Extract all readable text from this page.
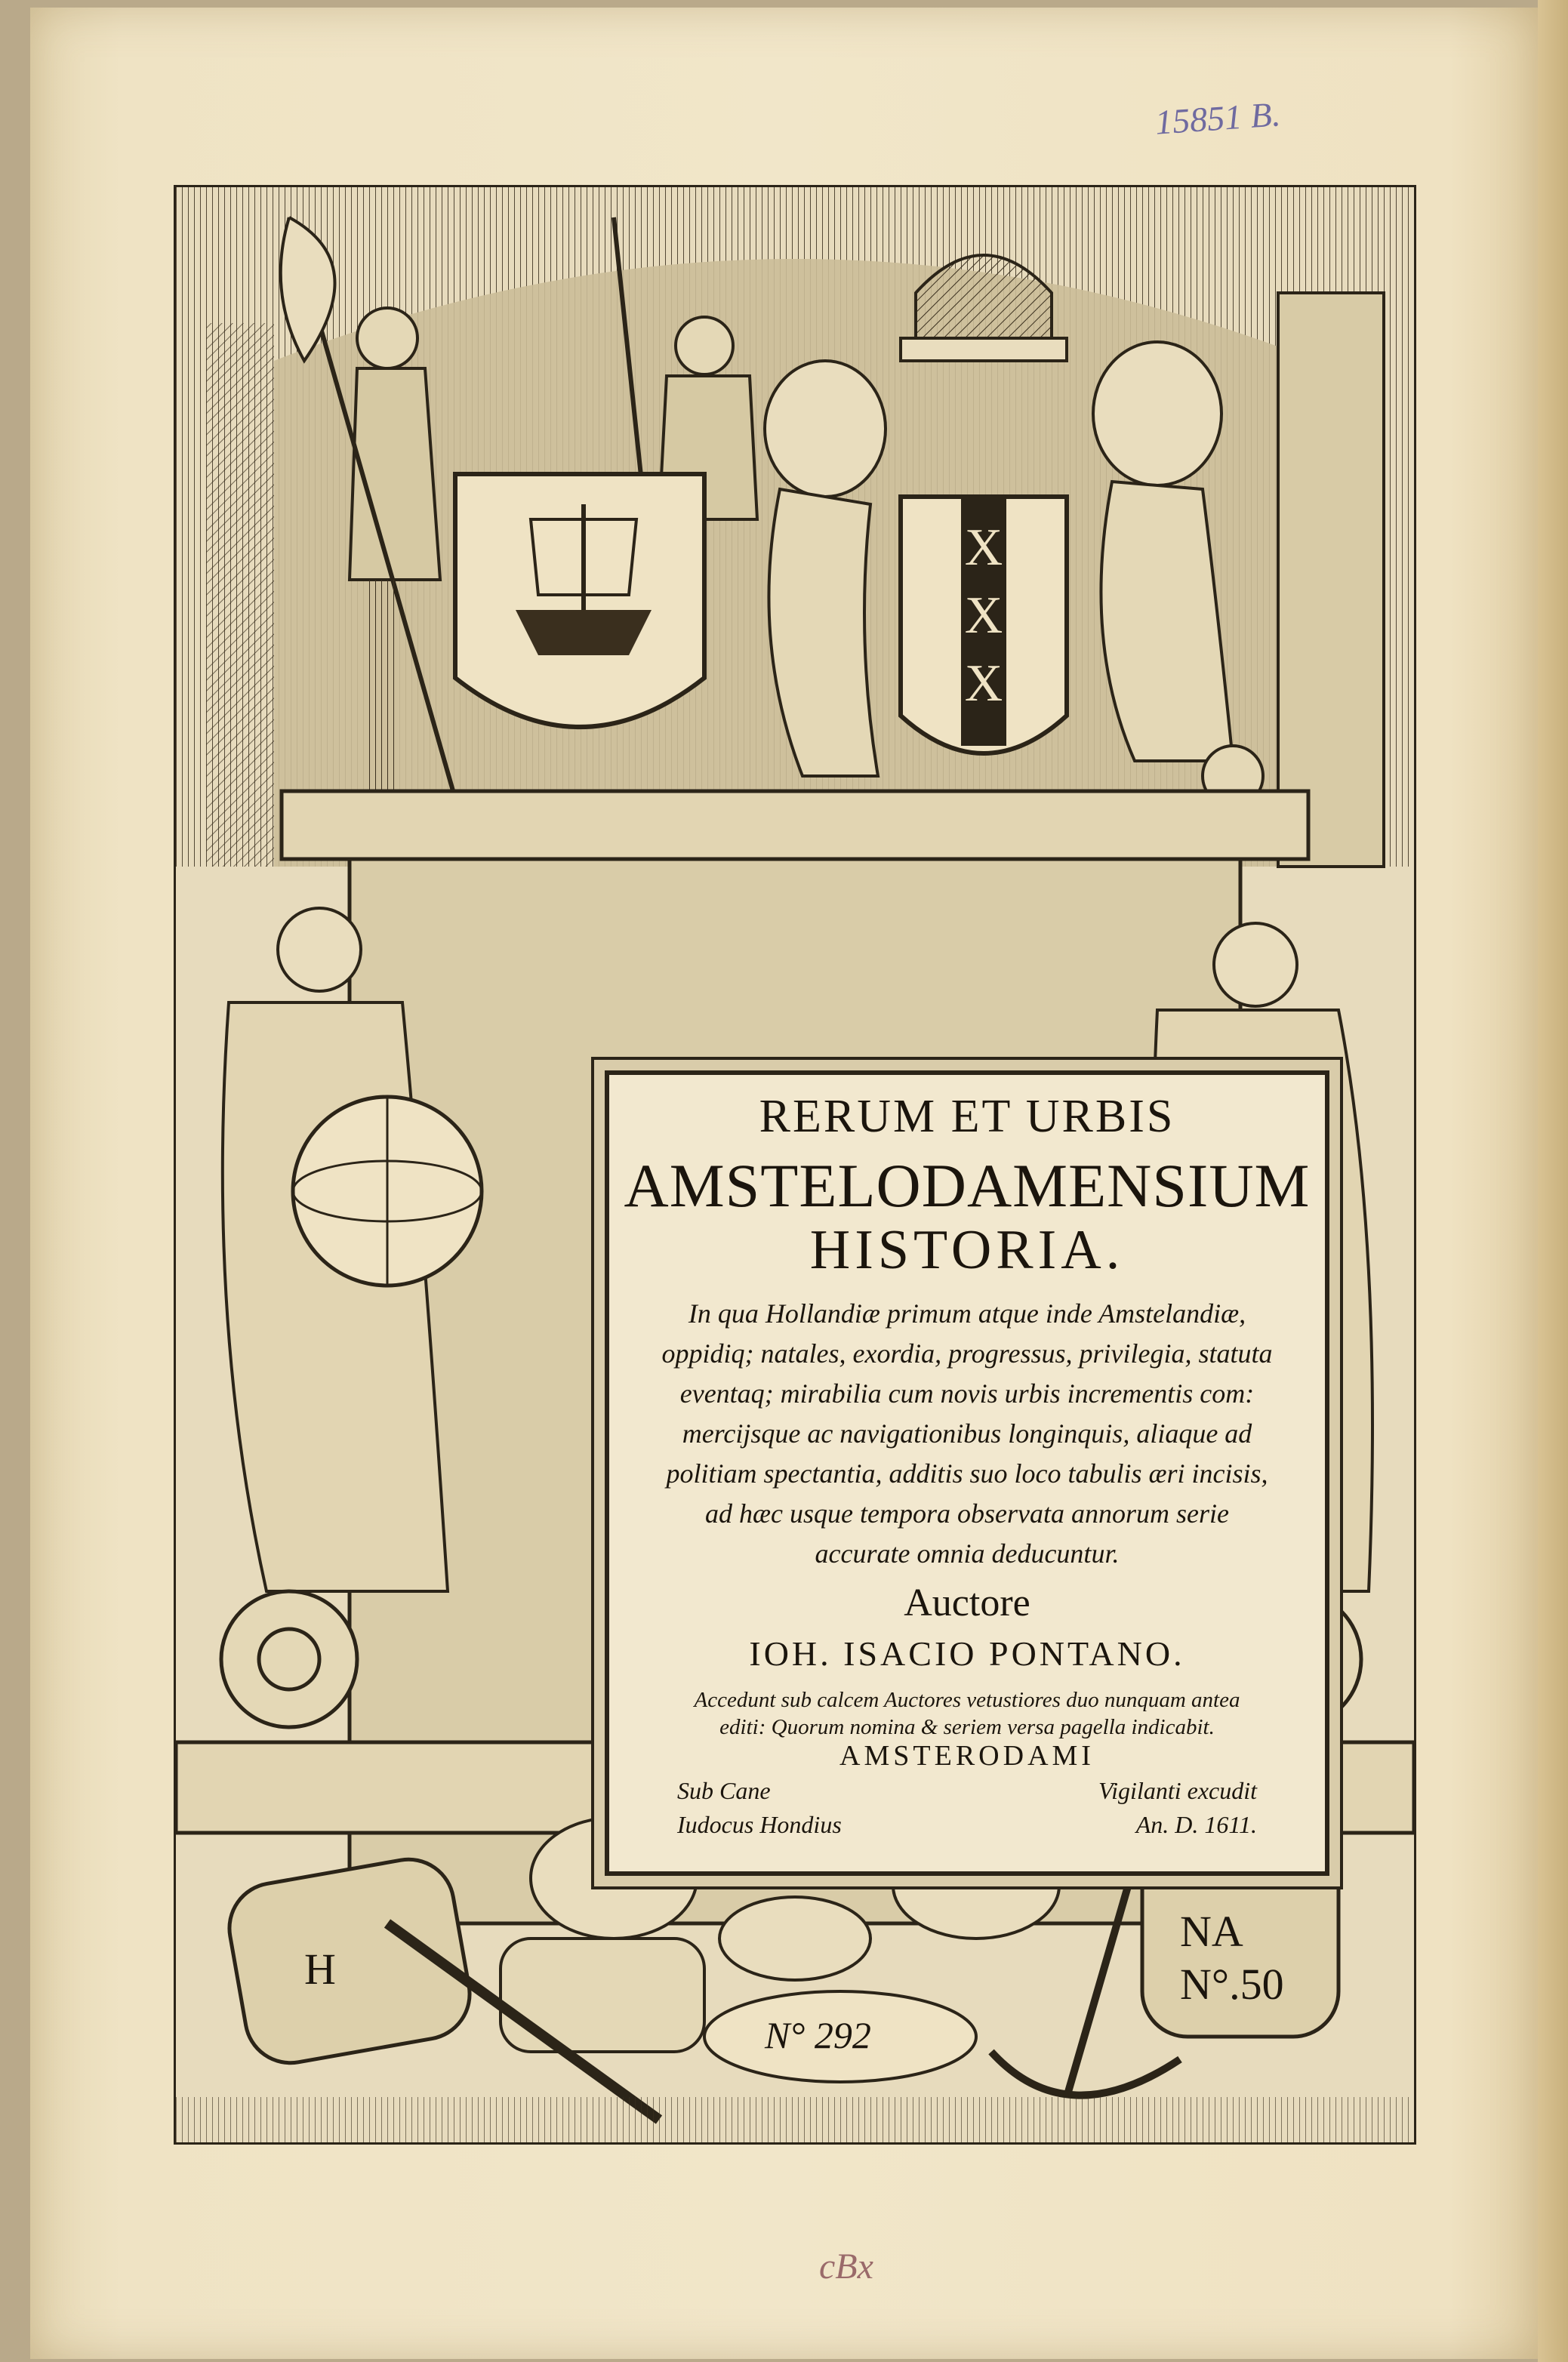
15851 B.
cBx
X
X
X
H
NA
N°.50
N° 292
RERUM ET URBIS
AMSTELODAMENSIUM
HISTORIA.
In qua Hollandiæ primum atque inde Amstelandiæ,
oppidiq; natales, exordia, progressus, privilegia, statuta
eventaq; mirabilia cum novis urbis incrementis com:
mercijsque ac navigationibus longinquis, aliaque ad
politiam spectantia, additis suo loco tabulis æri incisis,
ad hæc usque tempora observata annorum serie
accurate omnia deducuntur.
Auctore
IOH. ISACIO PONTANO.
Accedunt sub calcem Auctores vetustiores duo nunquam antea
editi: Quorum nomina & seriem versa pagella indicabit.
AMSTERODAMI
Sub Cane	Vigilanti excudit
Iudocus Hondius	An. D. 1611.
